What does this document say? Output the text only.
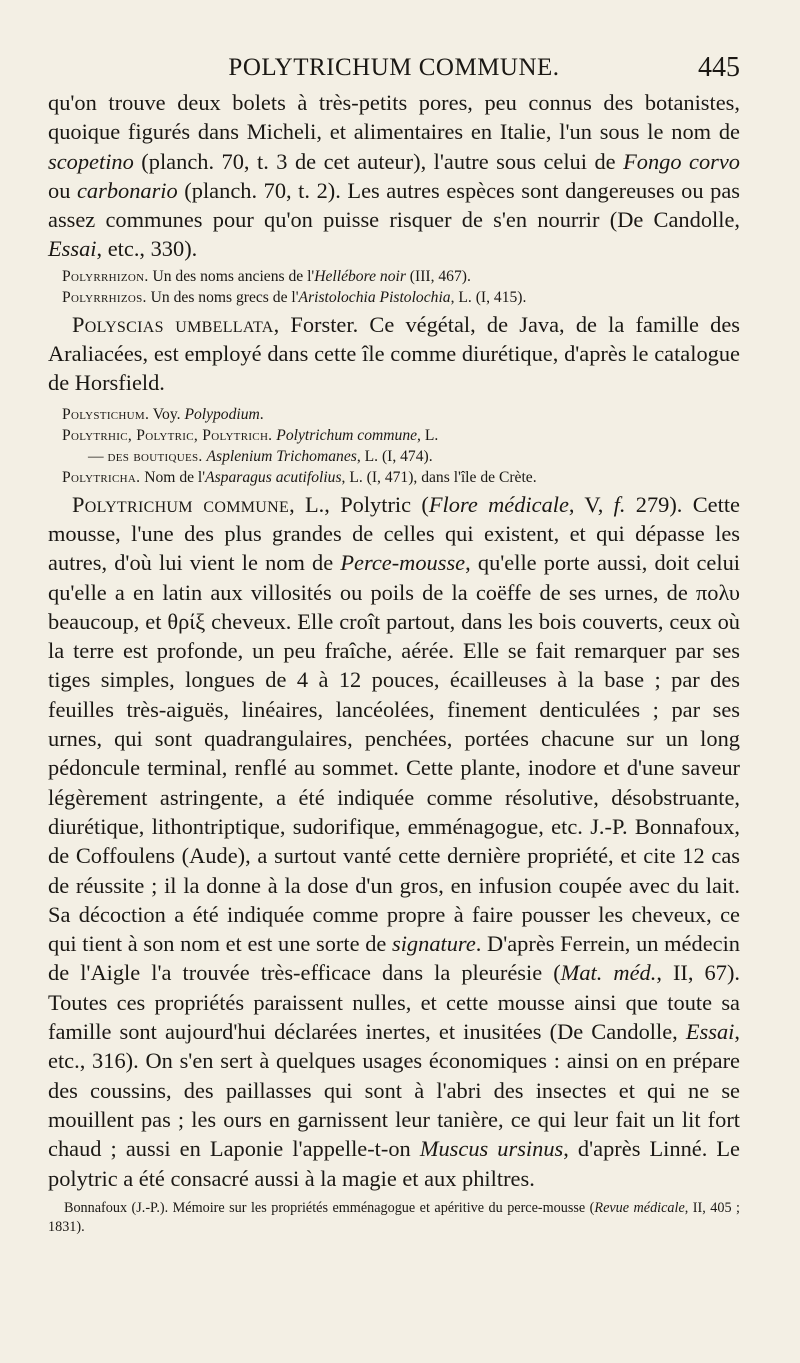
POLYTRICHUM COMMUNE.	445

qu'on trouve deux bolets à très-petits pores, peu connus des botanistes, quoique figurés dans Micheli, et alimentaires en Italie, l'un sous le nom de scopetino (planch. 70, t. 3 de cet auteur), l'autre sous celui de Fongo corvo ou carbonario (planch. 70, t. 2). Les autres espèces sont dangereuses ou pas assez communes pour qu'on puisse risquer de s'en nourrir (De Candolle, Essai, etc., 330).

Polyrrhizon. Un des noms anciens de l'Hellébore noir (III, 467).

Polyrrhizos. Un des noms grecs de l'Aristolochia Pistolochia, L. (I, 415).

Polyscias umbellata, Forster. Ce végétal, de Java, de la famille des Araliacées, est employé dans cette île comme diurétique, d'après le catalogue de Horsfield.

Polystichum. Voy. Polypodium.

Polytrhic, Polytric, Polytrich. Polytrichum commune, L.

— des boutiques. Asplenium Trichomanes, L. (I, 474).

Polytricha. Nom de l'Asparagus acutifolius, L. (I, 471), dans l'île de Crète.

Polytrichum commune, L., Polytric (Flore médicale, V, f. 279). Cette mousse, l'une des plus grandes de celles qui existent, et qui dépasse les autres, d'où lui vient le nom de Perce-mousse, qu'elle porte aussi, doit celui qu'elle a en latin aux villosités ou poils de la coëffe de ses urnes, de πολυ beaucoup, et θρίξ cheveux. Elle croît partout, dans les bois couverts, ceux où la terre est profonde, un peu fraîche, aérée. Elle se fait remarquer par ses tiges simples, longues de 4 à 12 pouces, écailleuses à la base ; par des feuilles très-aiguës, linéaires, lancéolées, finement denticulées ; par ses urnes, qui sont quadrangulaires, penchées, portées chacune sur un long pédoncule terminal, renflé au sommet. Cette plante, inodore et d'une saveur légèrement astringente, a été indiquée comme résolutive, désobstruante, diurétique, lithontriptique, sudorifique, emménagogue, etc. J.-P. Bonnafoux, de Coffoulens (Aude), a surtout vanté cette dernière propriété, et cite 12 cas de réussite ; il la donne à la dose d'un gros, en infusion coupée avec du lait. Sa décoction a été indiquée comme propre à faire pousser les cheveux, ce qui tient à son nom et est une sorte de signature. D'après Ferrein, un médecin de l'Aigle l'a trouvée très-efficace dans la pleurésie (Mat. méd., II, 67). Toutes ces propriétés paraissent nulles, et cette mousse ainsi que toute sa famille sont aujourd'hui déclarées inertes, et inusitées (De Candolle, Essai, etc., 316). On s'en sert à quelques usages économiques : ainsi on en prépare des coussins, des paillasses qui sont à l'abri des insectes et qui ne se mouillent pas ; les ours en garnissent leur tanière, ce qui leur fait un lit fort chaud ; aussi en Laponie l'appelle-t-on Muscus ursinus, d'après Linné. Le polytric a été consacré aussi à la magie et aux philtres.

Bonnafoux (J.-P.). Mémoire sur les propriétés emménagogue et apéritive du perce-mousse (Revue médicale, II, 405 ; 1831).
